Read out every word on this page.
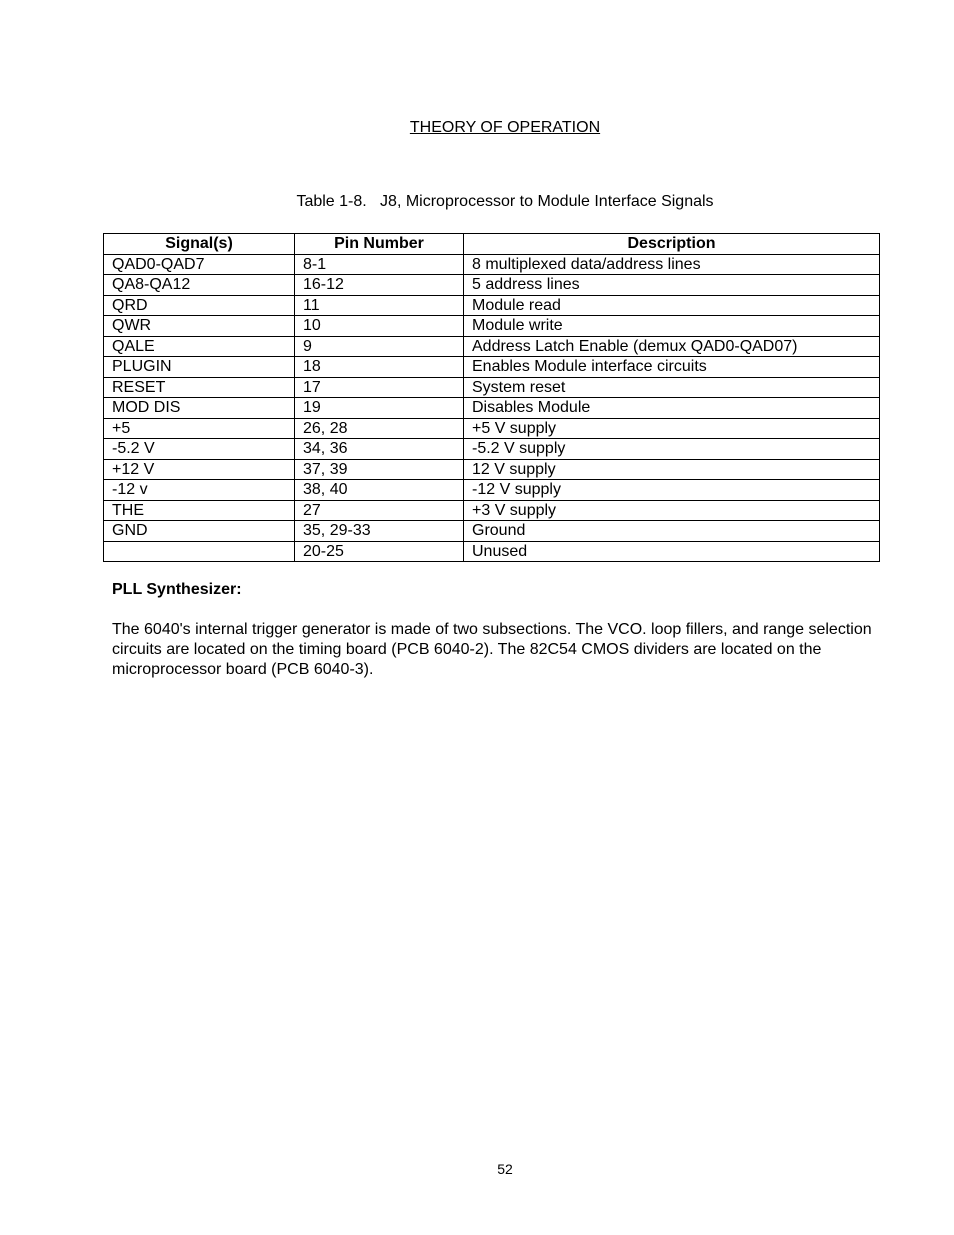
THEORY OF OPERATION
Table 1-8.   J8, Microprocessor to Module Interface Signals
Signal(s)	Pin Number	Description
QAD0-QAD7	8-1	8 multiplexed data/address lines
QA8-QA12	16-12	5 address lines
QRD	11	Module read
QWR	10	Module write
QALE	9	Address Latch Enable (demux QAD0-QAD07)
PLUGIN	18	Enables Module interface circuits
RESET	17	System reset
MOD DIS	19	Disables Module
+5	26, 28	+5 V supply
-5.2 V	34, 36	-5.2 V supply
+12 V	37, 39	12 V supply
-12 v	38, 40	-12 V supply
THE	27	+3 V supply
GND	35, 29-33	Ground
	20-25	Unused
PLL Synthesizer:

The 6040's internal trigger generator is made of two subsections. The VCO. loop fillers, and range selection circuits are located on the timing board (PCB 6040-2). The 82C54 CMOS dividers are located on the microprocessor board (PCB 6040-3).

52
